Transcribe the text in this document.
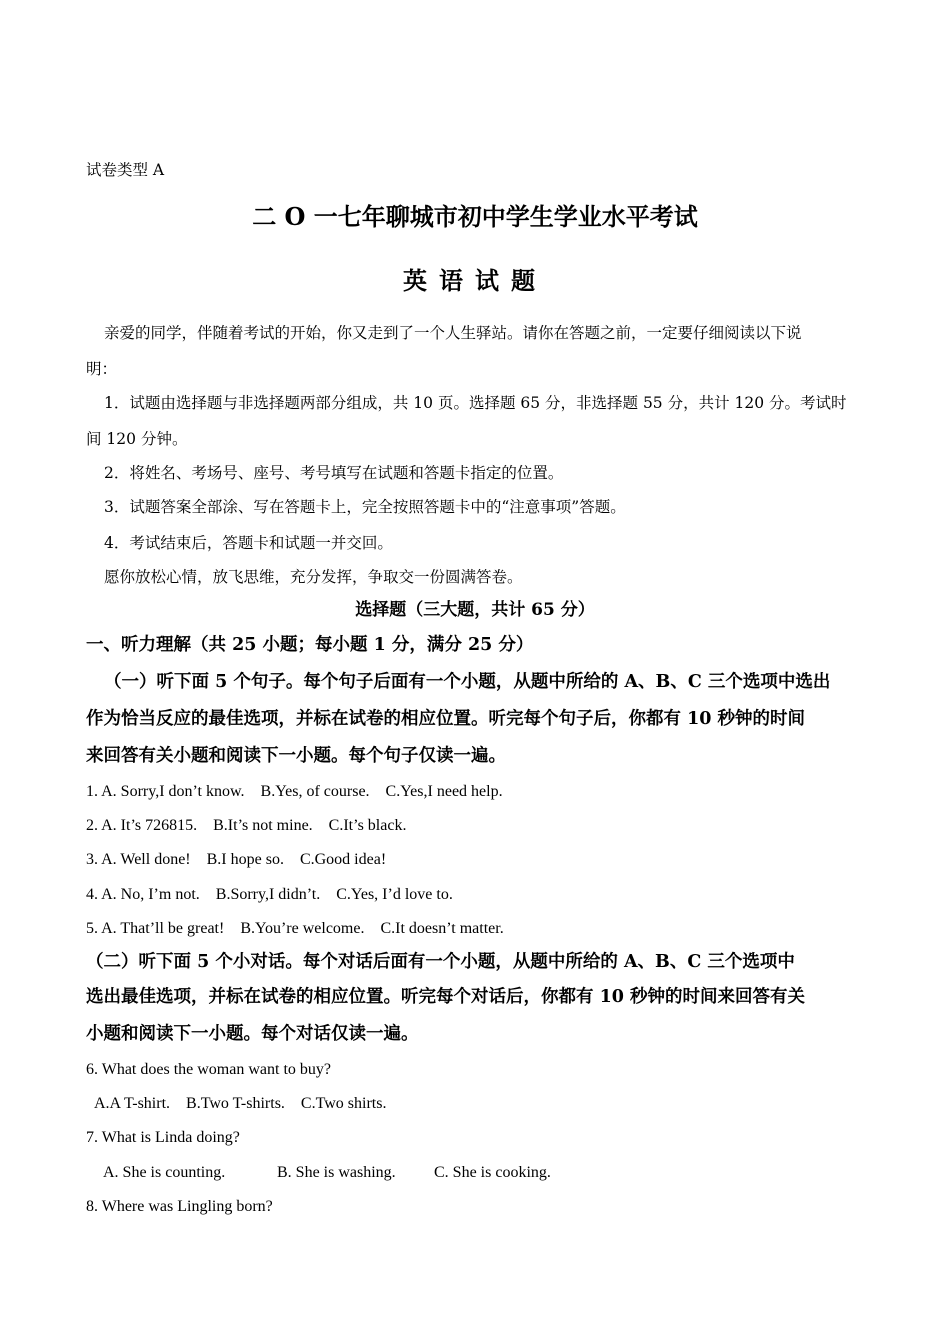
试卷类型 A
二 O 一七年聊城市初中学生学业水平考试
英语试题
亲爱的同学，伴随着考试的开始，你又走到了一个人生驿站。请你在答题之前，一定要仔细阅读以下说
明：
1．试题由选择题与非选择题两部分组成，共 10 页。选择题 65 分，非选择题 55 分，共计 120 分。考试时
间 120 分钟。
2．将姓名、考场号、座号、考号填写在试题和答题卡指定的位置。
3．试题答案全部涂、写在答题卡上，完全按照答题卡中的“注意事项”答题。
4．考试结束后，答题卡和试题一并交回。
愿你放松心情，放飞思维，充分发挥，争取交一份圆满答卷。
选择题（三大题，共计 65 分）
一、听力理解（共 25 小题；每小题 1 分，满分 25 分）
（一）听下面 5 个句子。每个句子后面有一个小题，从题中所给的 A、B、C 三个选项中选出
作为恰当反应的最佳选项，并标在试卷的相应位置。听完每个句子后，你都有 10 秒钟的时间
来回答有关小题和阅读下一小题。每个句子仅读一遍。
1. A. Sorry,I don’t know.    B.Yes, of course.    C.Yes,I need help.
2. A. It’s 726815.    B.It’s not mine.    C.It’s black.
3. A. Well done!    B.I hope so.    C.Good idea!
4. A. No, I’m not.    B.Sorry,I didn’t.    C.Yes, I’d love to.
5. A. That’ll be great!    B.You’re welcome.    C.It doesn’t matter.
（二）听下面 5 个小对话。每个对话后面有一个小题，从题中所给的 A、B、C 三个选项中
选出最佳选项，并标在试卷的相应位置。听完每个对话后，你都有 10 秒钟的时间来回答有关
小题和阅读下一小题。每个对话仅读一遍。
6. What does the woman want to buy?
A.A T-shirt.    B.Two T-shirts.    C.Two shirts.
7. What is Linda doing?
A. She is counting.	B. She is washing. C. She is cooking.
8. Where was Lingling born?
